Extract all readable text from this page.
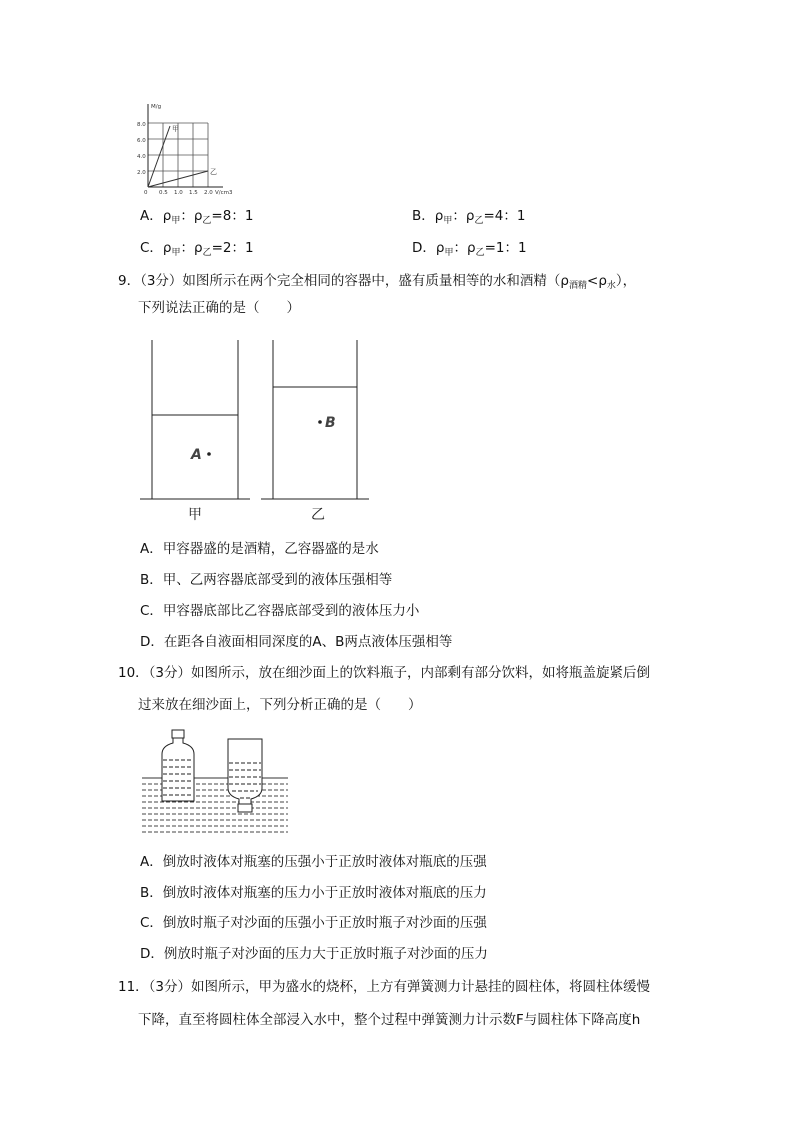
M/g
8.0
6.0
4.0
2.0
0 0.5 1.0 1.5 2.0 V/cm3
甲
乙
A．$\rho_甲$：$\rho_乙=8$：1	B．$\rho_甲$：$\rho_乙=4$：1
C．$\rho_甲$：$\rho_乙=2$：1	D．$\rho_甲$：$\rho_乙=1$：1
9．（3分）如图所示在两个完全相同的容器中，盛有质量相等的水和酒精$(\rho_{酒精}<\rho_水)$，
下列说法正确的是（　　）
A
B
甲	乙
A．甲容器盛的是酒精，乙容器盛的是水
B．甲、乙两容器底部受到的液体压强相等
C．甲容器底部比乙容器底部受到的液体压力小
D．在距各自液面相同深度的A、B两点液体压强相等
10．（3分）如图所示，放在细沙面上的饮料瓶子，内部剩有部分饮料，如将瓶盖旋紧后倒
过来放在细沙面上，下列分析正确的是（　　）
A．倒放时液体对瓶塞的压强小于正放时液体对瓶底的压强
B．倒放时液体对瓶塞的压力小于正放时液体对瓶底的压力
C．倒放时瓶子对沙面的压强小于正放时瓶子对沙面的压强
D．例放时瓶子对沙面的压力大于正放时瓶子对沙面的压力
11．（3分）如图所示，甲为盛水的烧杯，上方有弹簧测力计悬挂的圆柱体，将圆柱体缓慢
下降，直至将圆柱体全部浸入水中，整个过程中弹簧测力计示数F与圆柱体下降高度h
